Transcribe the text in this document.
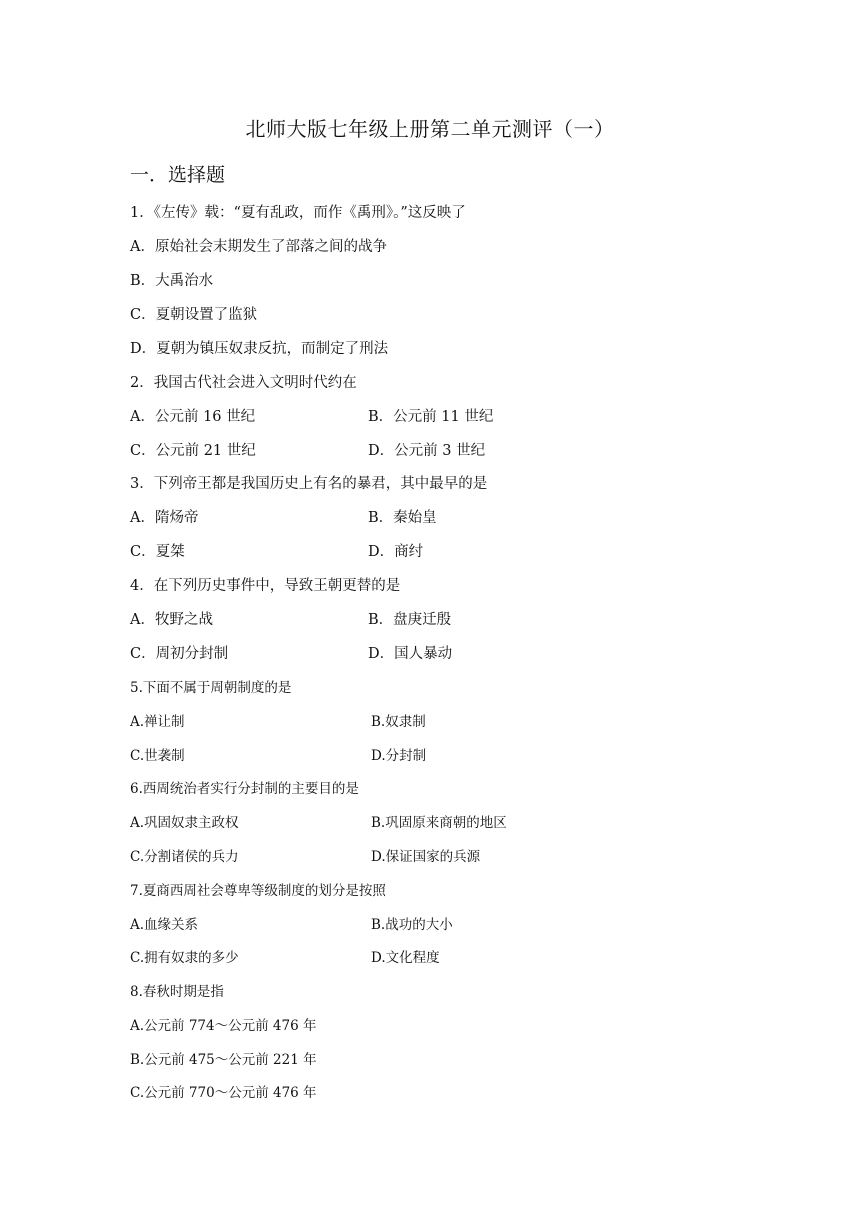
北师大版七年级上册第二单元测评（一）
一．选择题
1．《左传》载：“夏有乱政，而作《禹刑》。”这反映了
A．原始社会末期发生了部落之间的战争
B．大禹治水
C．夏朝设置了监狱
D．夏朝为镇压奴隶反抗，而制定了刑法
2．我国古代社会进入文明时代约在
A．公元前 16 世纪	B．公元前 11 世纪
C．公元前 21 世纪	D．公元前 3 世纪
3．下列帝王都是我国历史上有名的暴君，其中最早的是
A．隋炀帝	B．秦始皇
C．夏桀	D．商纣
4．在下列历史事件中，导致王朝更替的是
A．牧野之战	B．盘庚迁殷
C．周初分封制	D．国人暴动
5.下面不属于周朝制度的是
A.禅让制	B.奴隶制
C.世袭制	D.分封制
6.西周统治者实行分封制的主要目的是
A.巩固奴隶主政权	B.巩固原来商朝的地区
C.分割诸侯的兵力	D.保证国家的兵源
7.夏商西周社会尊卑等级制度的划分是按照
A.血缘关系	B.战功的大小
C.拥有奴隶的多少	D.文化程度
8.春秋时期是指
A.公元前 774～公元前 476 年
B.公元前 475～公元前 221 年
C.公元前 770～公元前 476 年
